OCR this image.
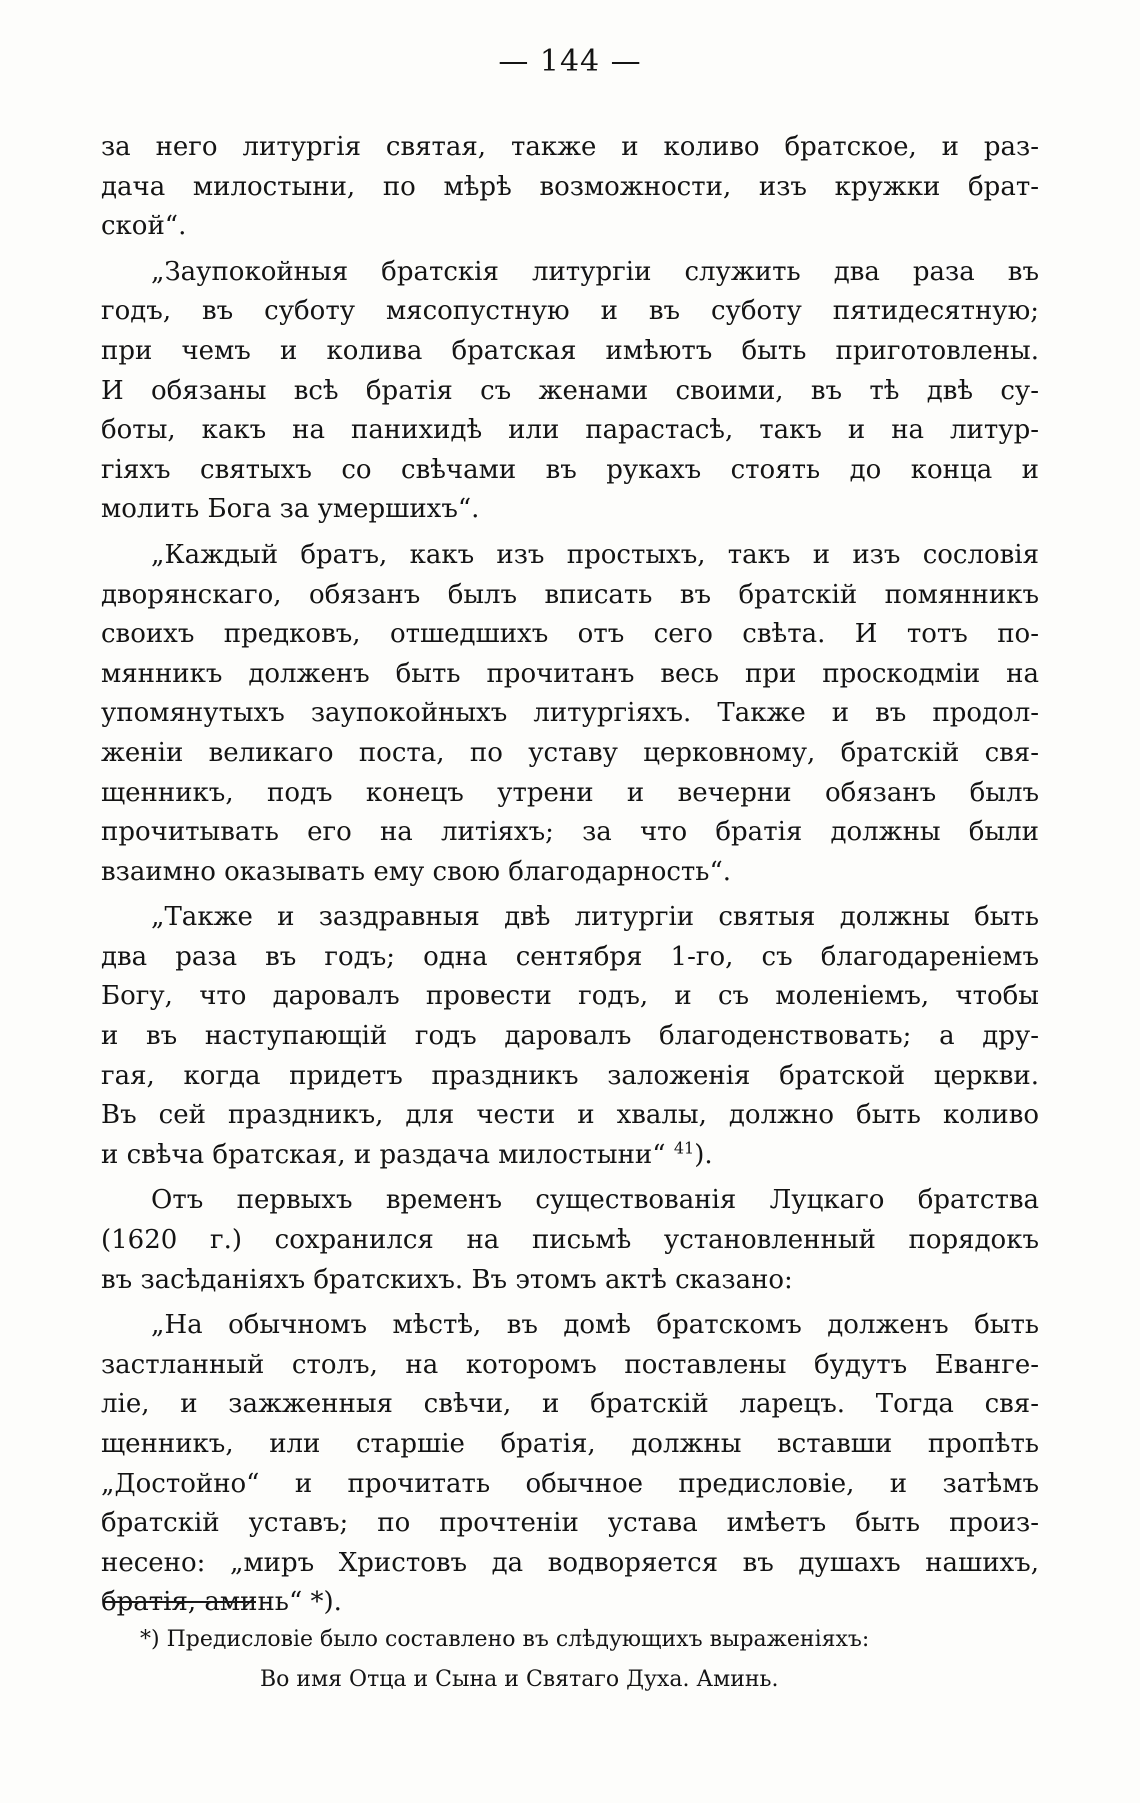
— 144 —
за него литургія святая, также и коливо братское, и раз-
дача милостыни, по мѣрѣ возможности, изъ кружки брат-
ской“.
„Заупокойныя братскія литургіи служить два раза въ
годъ, въ суботу мясопустную и въ суботу пятидесятную;
при чемъ и колива братская имѣютъ быть приготовлены.
И обязаны всѣ братія съ женами своими, въ тѣ двѣ су-
боты, какъ на панихидѣ или парастасѣ, такъ и на литур-
гіяхъ святыхъ со свѣчами въ рукахъ стоять до конца и
молить Бога за умершихъ“.
„Каждый братъ, какъ изъ простыхъ, такъ и изъ сословія
дворянскаго, обязанъ былъ вписать въ братскій помянникъ
своихъ предковъ, отшедшихъ отъ сего свѣта. И тотъ по-
мянникъ долженъ быть прочитанъ весь при проскодміи на
упомянутыхъ заупокойныхъ литургіяхъ. Также и въ продол-
женіи великаго поста, по уставу церковному, братскій свя-
щенникъ, подъ конецъ утрени и вечерни обязанъ былъ
прочитывать его на литіяхъ; за что братія должны были
взаимно оказывать ему свою благодарность“.
„Также и заздравныя двѣ литургіи святыя должны быть
два раза въ годъ; одна сентября 1-го, съ благодареніемъ
Богу, что даровалъ провести годъ, и съ моленіемъ, чтобы
и въ наступающій годъ даровалъ благоденствовать; а дру-
гая, когда придетъ праздникъ заложенія братской церкви.
Въ сей праздникъ, для чести и хвалы, должно быть коливо
и свѣча братская, и раздача милостыни“ $^{41}$).
Отъ первыхъ временъ существованія Луцкаго братства
(1620 г.) сохранился на письмѣ установленный порядокъ
въ засѣданіяхъ братскихъ. Въ этомъ актѣ сказано:
„На обычномъ мѣстѣ, въ домѣ братскомъ долженъ быть
застланный столъ, на которомъ поставлены будутъ Еванге-
ліе, и зажженныя свѣчи, и братскій ларецъ. Тогда свя-
щенникъ, или старшіе братія, должны вставши пропѣть
„Достойно“ и прочитать обычное предисловіе, и затѣмъ
братскій уставъ; по прочтеніи устава имѣетъ быть произ-
несено: „миръ Христовъ да водворяется въ душахъ нашихъ,
братія, аминь“ *).
*) Предисловіе было составлено въ слѣдующихъ выраженіяхъ:
Во имя Отца и Сына и Святаго Духа. Аминь.
